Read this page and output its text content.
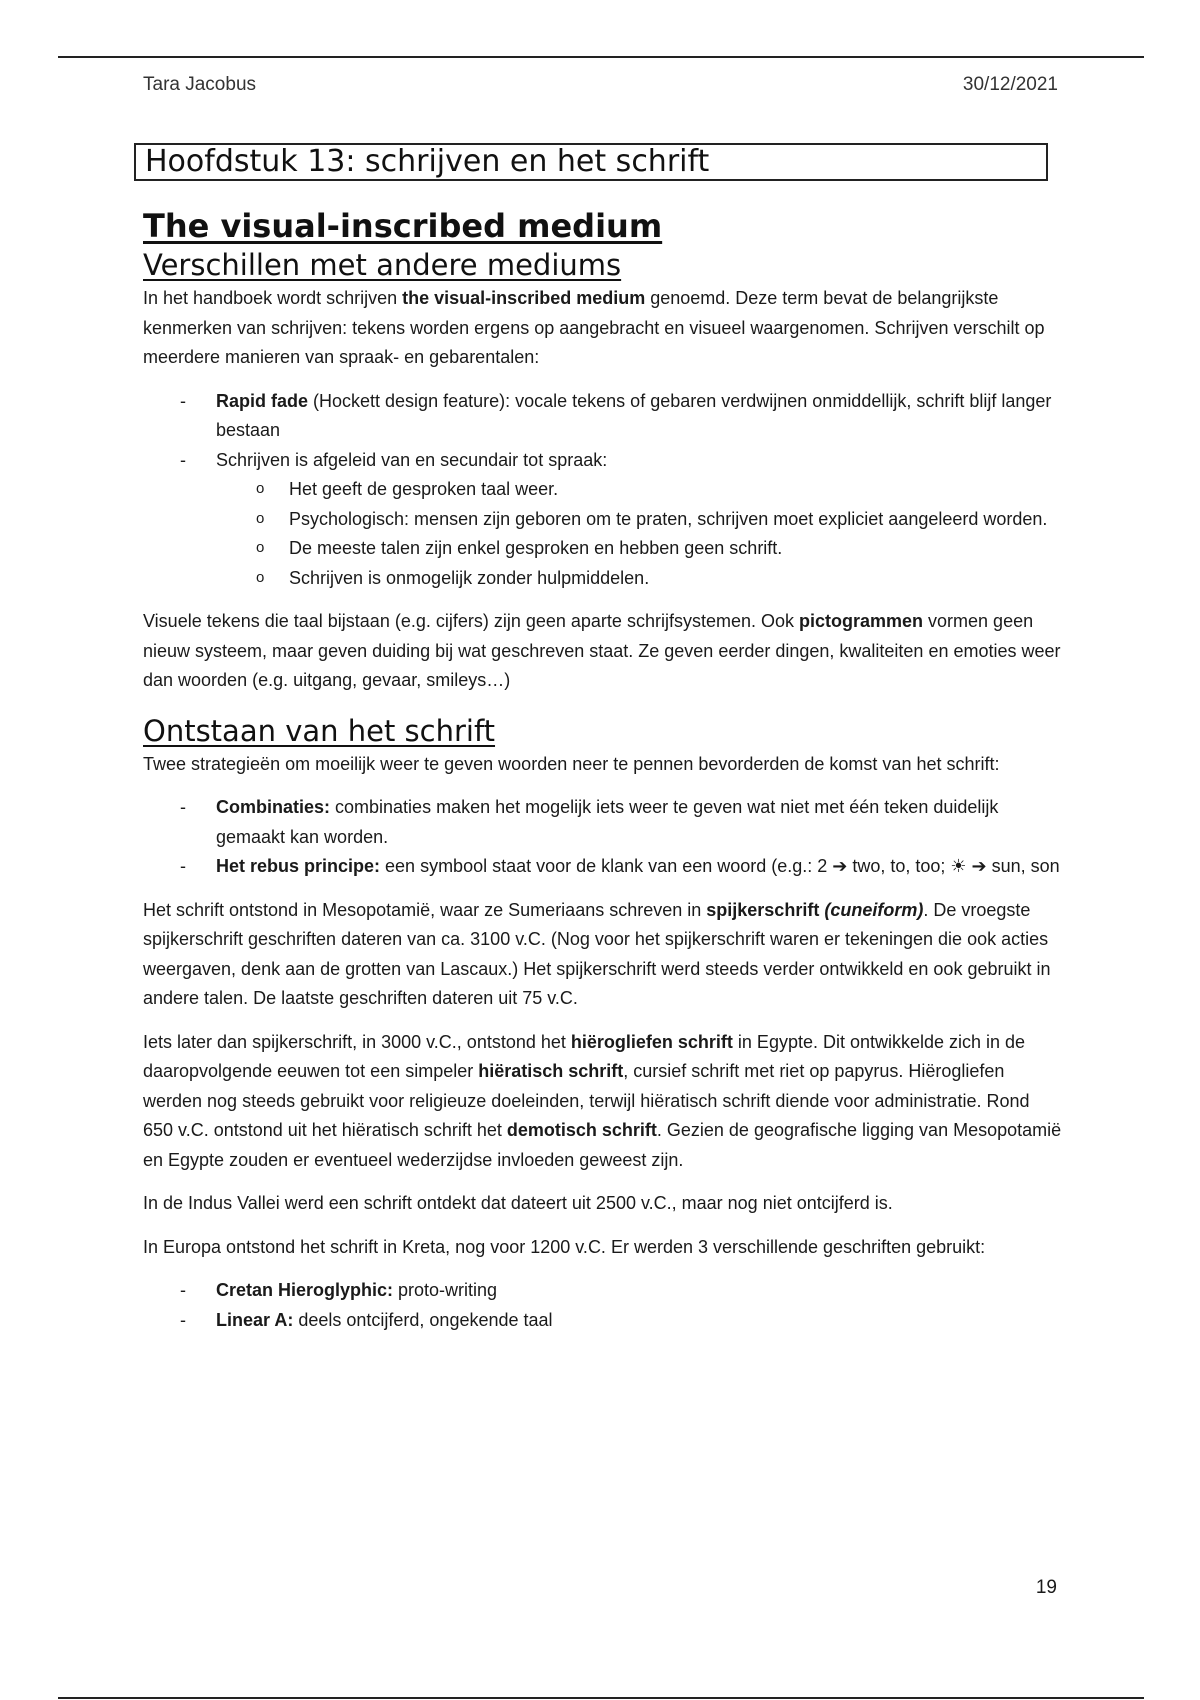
Tara Jacobus	30/12/2021
Hoofdstuk 13: schrijven en het schrift
The visual-inscribed medium
Verschillen met andere mediums

In het handboek wordt schrijven the visual-inscribed medium genoemd. Deze term bevat de belangrijkste kenmerken van schrijven: tekens worden ergens op aangebracht en visueel waargenomen. Schrijven verschilt op meerdere manieren van spraak- en gebarentalen:

- Rapid fade (Hockett design feature): vocale tekens of gebaren verdwijnen onmiddellijk, schrift blijf langer bestaan
- Schrijven is afgeleid van en secundair tot spraak:
o Het geeft de gesproken taal weer.
o Psychologisch: mensen zijn geboren om te praten, schrijven moet expliciet aangeleerd worden.
o De meeste talen zijn enkel gesproken en hebben geen schrift.
o Schrijven is onmogelijk zonder hulpmiddelen.

Visuele tekens die taal bijstaan (e.g. cijfers) zijn geen aparte schrijfsystemen. Ook pictogrammen vormen geen nieuw systeem, maar geven duiding bij wat geschreven staat. Ze geven eerder dingen, kwaliteiten en emoties weer dan woorden (e.g. uitgang, gevaar, smileys…)

Ontstaan van het schrift

Twee strategieën om moeilijk weer te geven woorden neer te pennen bevorderden de komst van het schrift:

- Combinaties: combinaties maken het mogelijk iets weer te geven wat niet met één teken duidelijk gemaakt kan worden.
- Het rebus principe: een symbool staat voor de klank van een woord (e.g.: 2 ➔ two, to, too; ☀ ➔ sun, son

Het schrift ontstond in Mesopotamië, waar ze Sumeriaans schreven in spijkerschrift (cuneiform). De vroegste spijkerschrift geschriften dateren van ca. 3100 v.C. (Nog voor het spijkerschrift waren er tekeningen die ook acties weergaven, denk aan de grotten van Lascaux.) Het spijkerschrift werd steeds verder ontwikkeld en ook gebruikt in andere talen. De laatste geschriften dateren uit 75 v.C.

Iets later dan spijkerschrift, in 3000 v.C., ontstond het hiërogliefen schrift in Egypte. Dit ontwikkelde zich in de daaropvolgende eeuwen tot een simpeler hiëratisch schrift, cursief schrift met riet op papyrus. Hiërogliefen werden nog steeds gebruikt voor religieuze doeleinden, terwijl hiëratisch schrift diende voor administratie. Rond 650 v.C. ontstond uit het hiëratisch schrift het demotisch schrift. Gezien de geografische ligging van Mesopotamië en Egypte zouden er eventueel wederzijdse invloeden geweest zijn.

In de Indus Vallei werd een schrift ontdekt dat dateert uit 2500 v.C., maar nog niet ontcijferd is.

In Europa ontstond het schrift in Kreta, nog voor 1200 v.C. Er werden 3 verschillende geschriften gebruikt:

- Cretan Hieroglyphic: proto-writing
- Linear A: deels ontcijferd, ongekende taal
19
